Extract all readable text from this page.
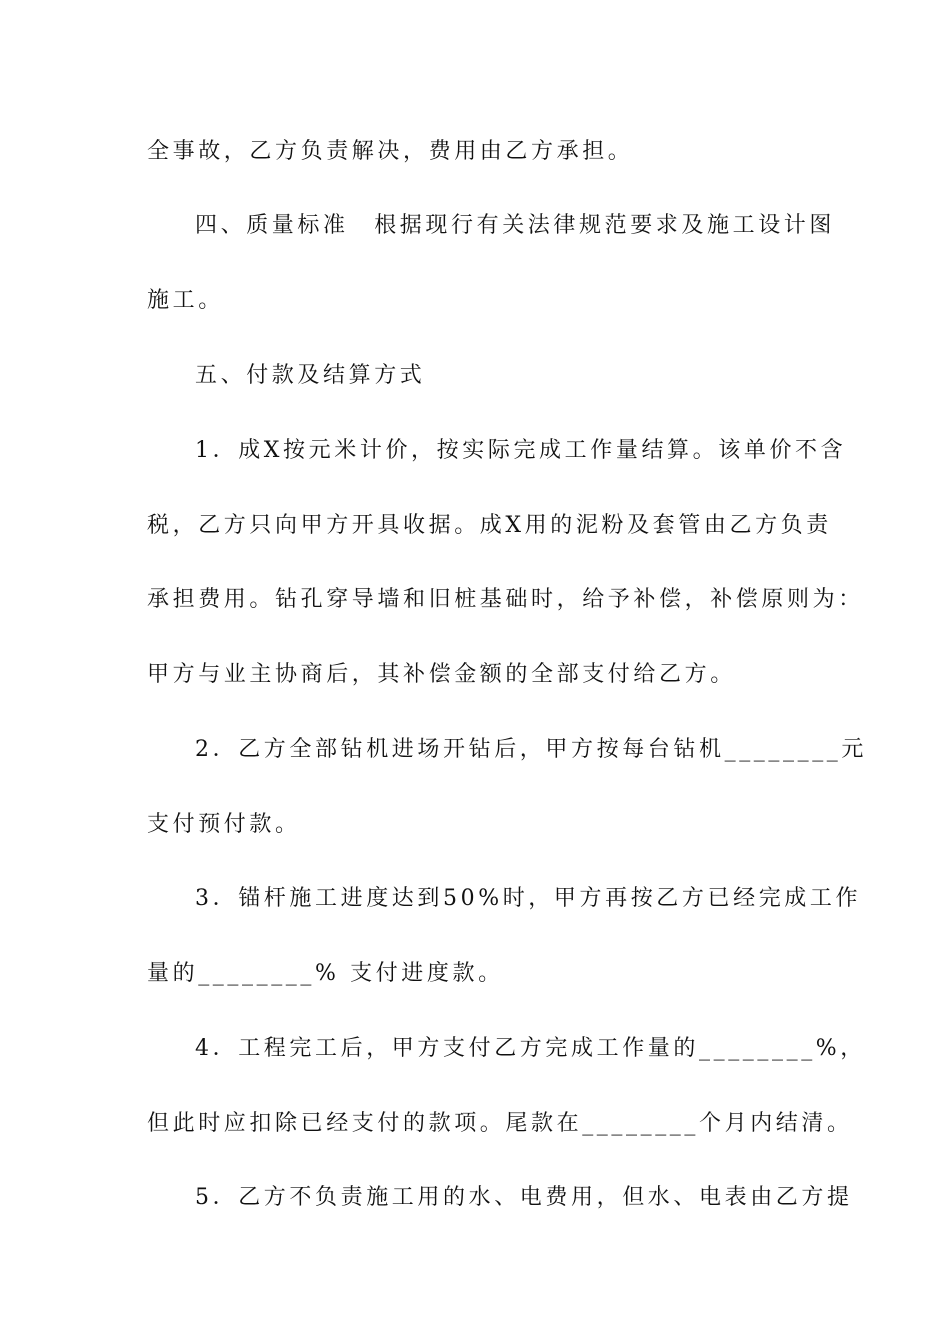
全事故，乙方负责解决，费用由乙方承担。
四、质量标准　根据现行有关法律规范要求及施工设计图
施工。
五、付款及结算方式
1．成X按元米计价，按实际完成工作量结算。该单价不含
税，乙方只向甲方开具收据。成X用的泥粉及套管由乙方负责
承担费用。钻孔穿导墙和旧桩基础时，给予补偿，补偿原则为：
甲方与业主协商后，其补偿金额的全部支付给乙方。
2．乙方全部钻机进场开钻后，甲方按每台钻机________元
支付预付款。
3．锚杆施工进度达到50%时，甲方再按乙方已经完成工作
量的________% 支付进度款。
4．工程完工后，甲方支付乙方完成工作量的________%，
但此时应扣除已经支付的款项。尾款在________个月内结清。
5．乙方不负责施工用的水、电费用，但水、电表由乙方提
